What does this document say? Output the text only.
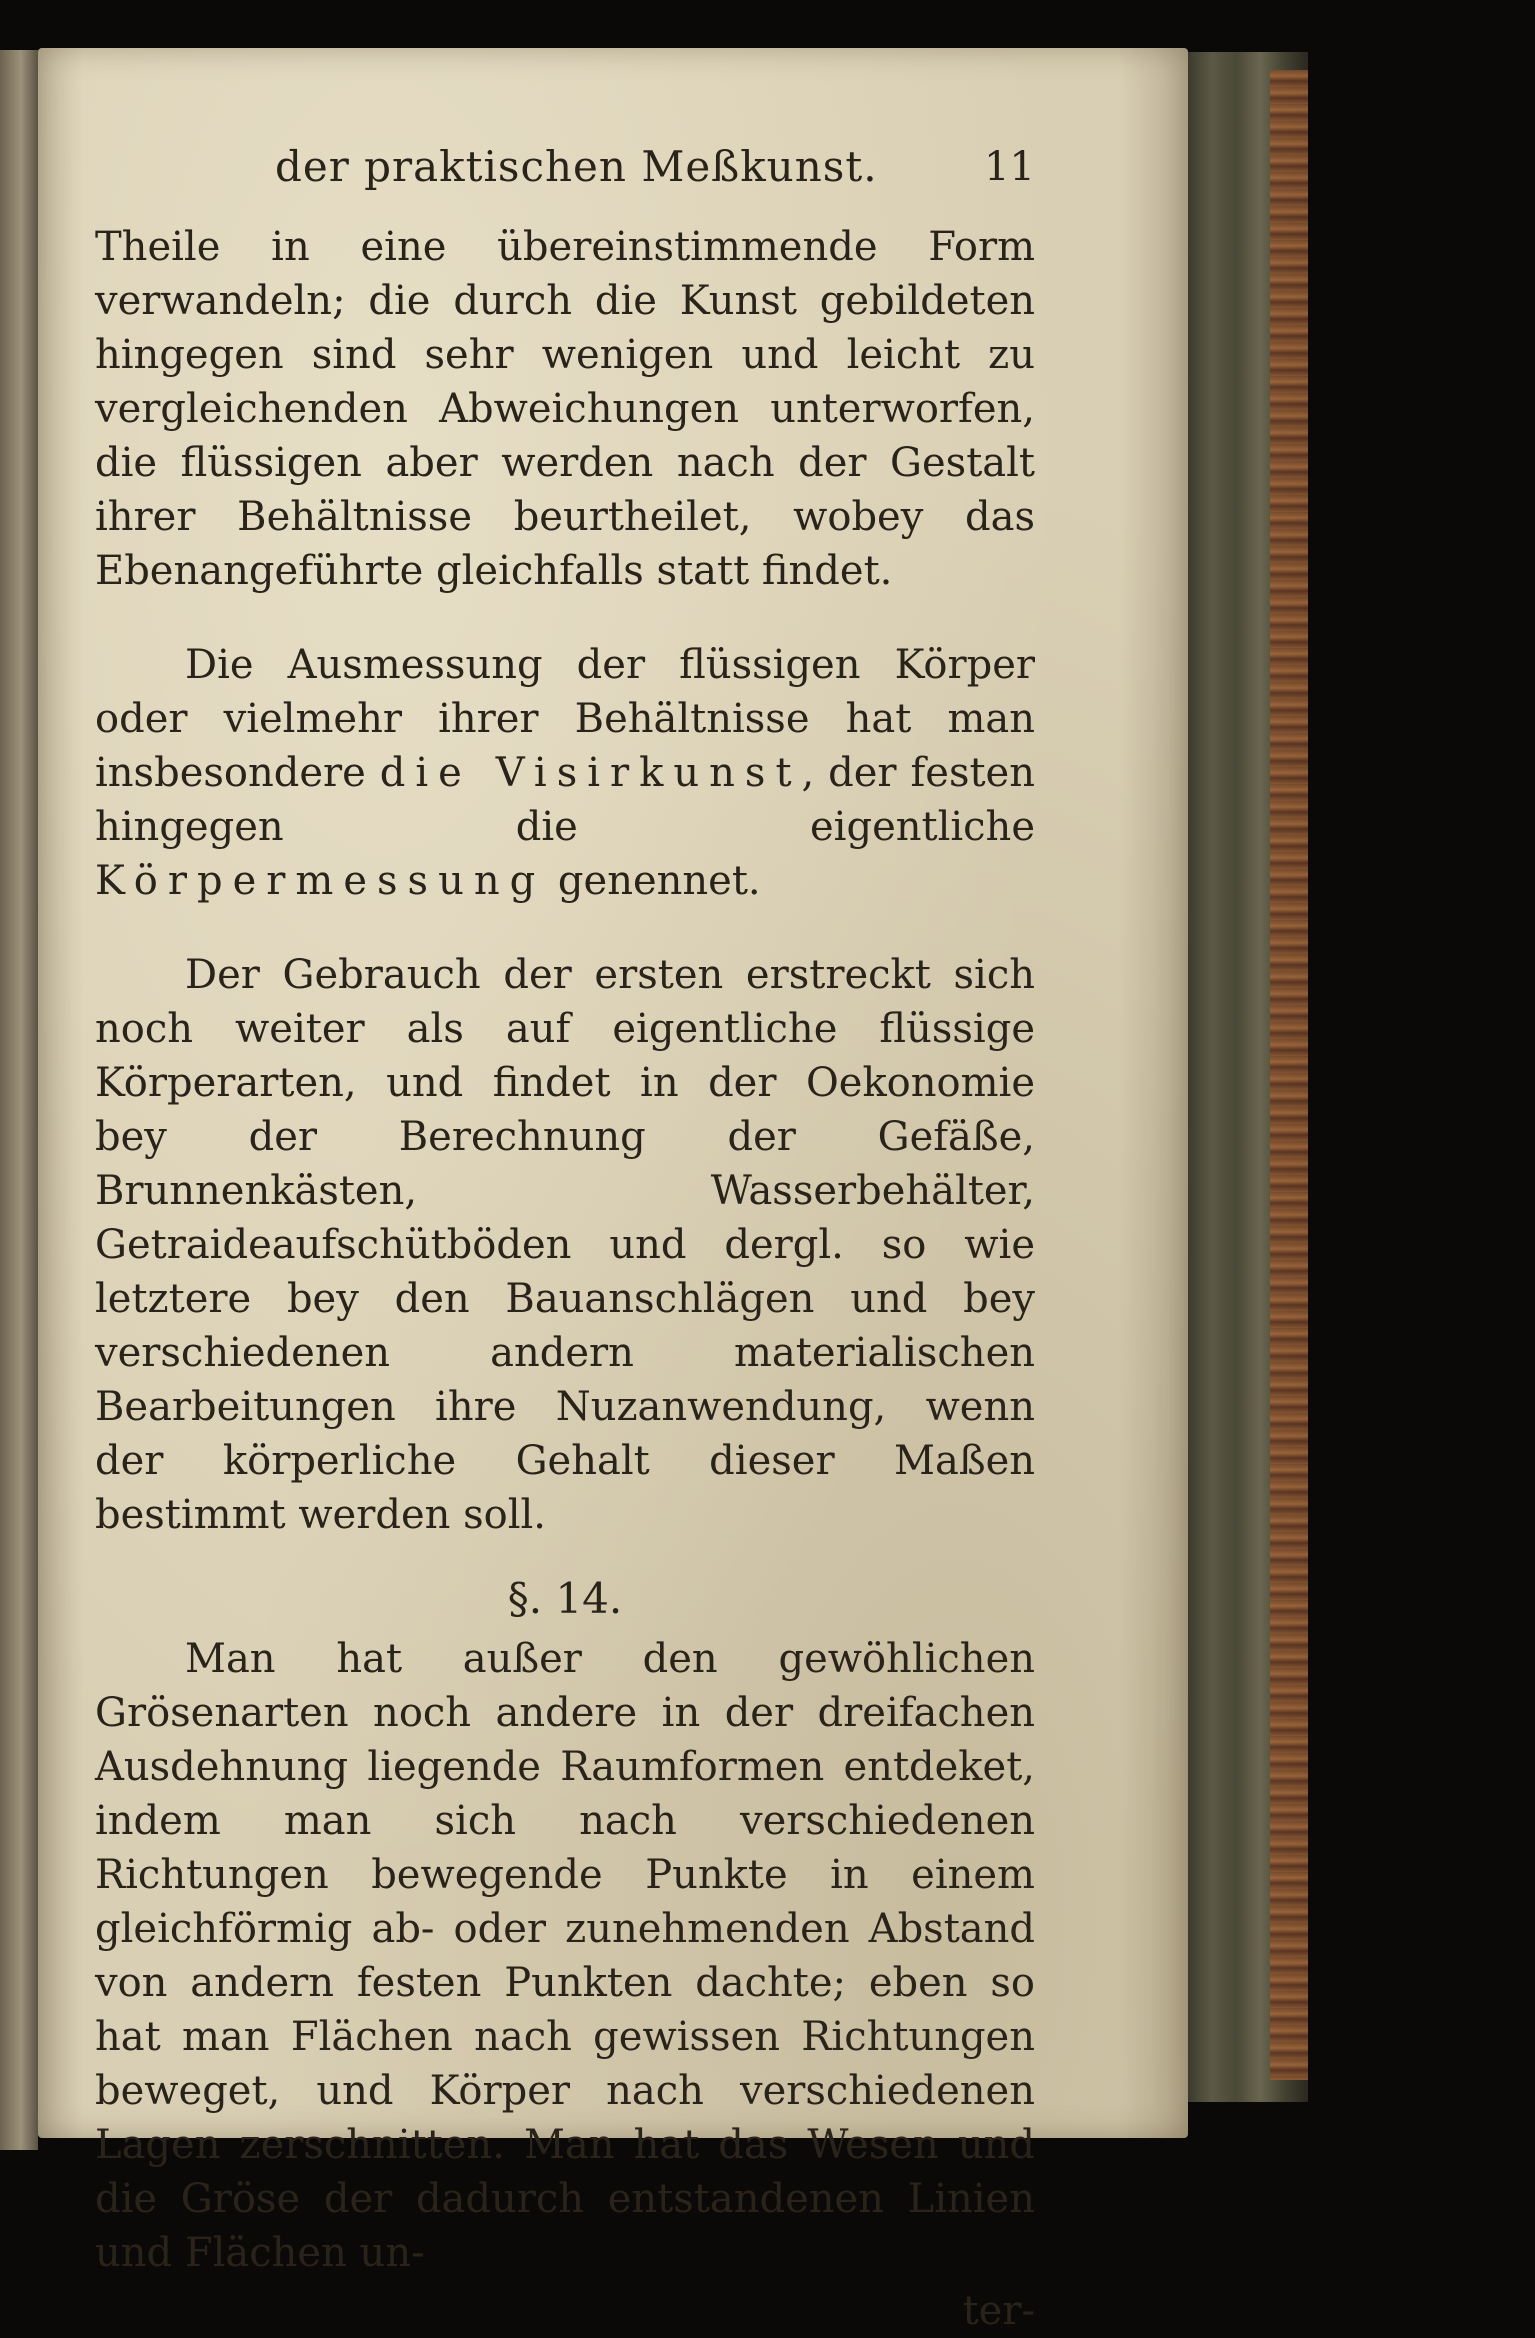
der praktischen Meßkunst.	11

Theile in eine übereinstimmende Form verwandeln; die durch die Kunst gebildeten hingegen sind sehr wenigen und leicht zu vergleichenden Abweichungen unterworfen, die flüssigen aber werden nach der Gestalt ihrer Behältnisse beurtheilet, wobey das Ebenangeführte gleichfalls statt findet.

Die Ausmessung der flüssigen Körper oder vielmehr ihrer Behältnisse hat man insbesondere die Visirkunst, der festen hingegen die eigentliche Körpermessung genennet.

Der Gebrauch der ersten erstreckt sich noch weiter als auf eigentliche flüssige Körperarten, und findet in der Oekonomie bey der Berechnung der Gefäße, Brunnenkästen, Wasserbehälter, Getraideaufschütböden und dergl. so wie letztere bey den Bauanschlägen und bey verschiedenen andern materialischen Bearbeitungen ihre Nuzanwendung, wenn der körperliche Gehalt dieser Maßen bestimmt werden soll.

§. 14.

Man hat außer den gewöhlichen Grösenarten noch andere in der dreifachen Ausdehnung liegende Raumformen entdeket, indem man sich nach verschiedenen Richtungen bewegende Punkte in einem gleichförmig ab- oder zunehmenden Abstand von andern festen Punkten dachte; eben so hat man Flächen nach gewissen Richtungen beweget, und Körper nach verschiedenen Lagen zerschnitten. Man hat das Wesen und die Gröse der dadurch entstandenen Linien und Flächen un-

ter-
